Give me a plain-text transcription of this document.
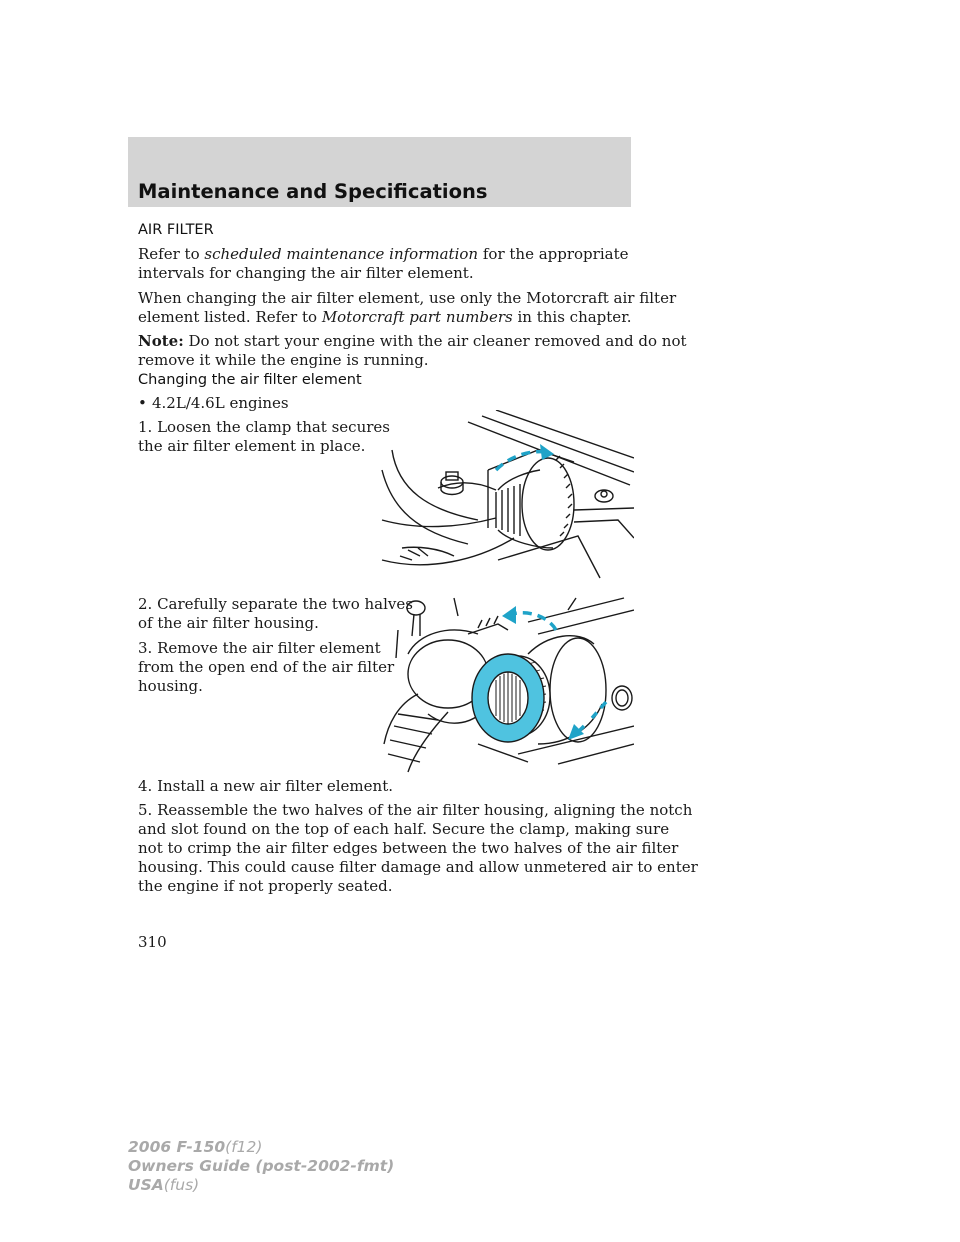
Maintenance and Specifications
AIR FILTER
Refer to scheduled maintenance information for the appropriate
intervals for changing the air filter element.
When changing the air filter element, use only the Motorcraft air filter
element listed. Refer to Motorcraft part numbers in this chapter.
Note: Do not start your engine with the air cleaner removed and do not
remove it while the engine is running.
Changing the air filter element
• 4.2L/4.6L engines
1. Loosen the clamp that secures
the air filter element in place.
2. Carefully separate the two halves
of the air filter housing.
3. Remove the air filter element
from the open end of the air filter
housing.
4. Install a new air filter element.
5. Reassemble the two halves of the air filter housing, aligning the notch
and slot found on the top of each half. Secure the clamp, making sure
not to crimp the air filter edges between the two halves of the air filter
housing. This could cause filter damage and allow unmetered air to enter
the engine if not properly seated.
310
2006 F-150(f12)
Owners Guide (post-2002-fmt)
USA(fus)
